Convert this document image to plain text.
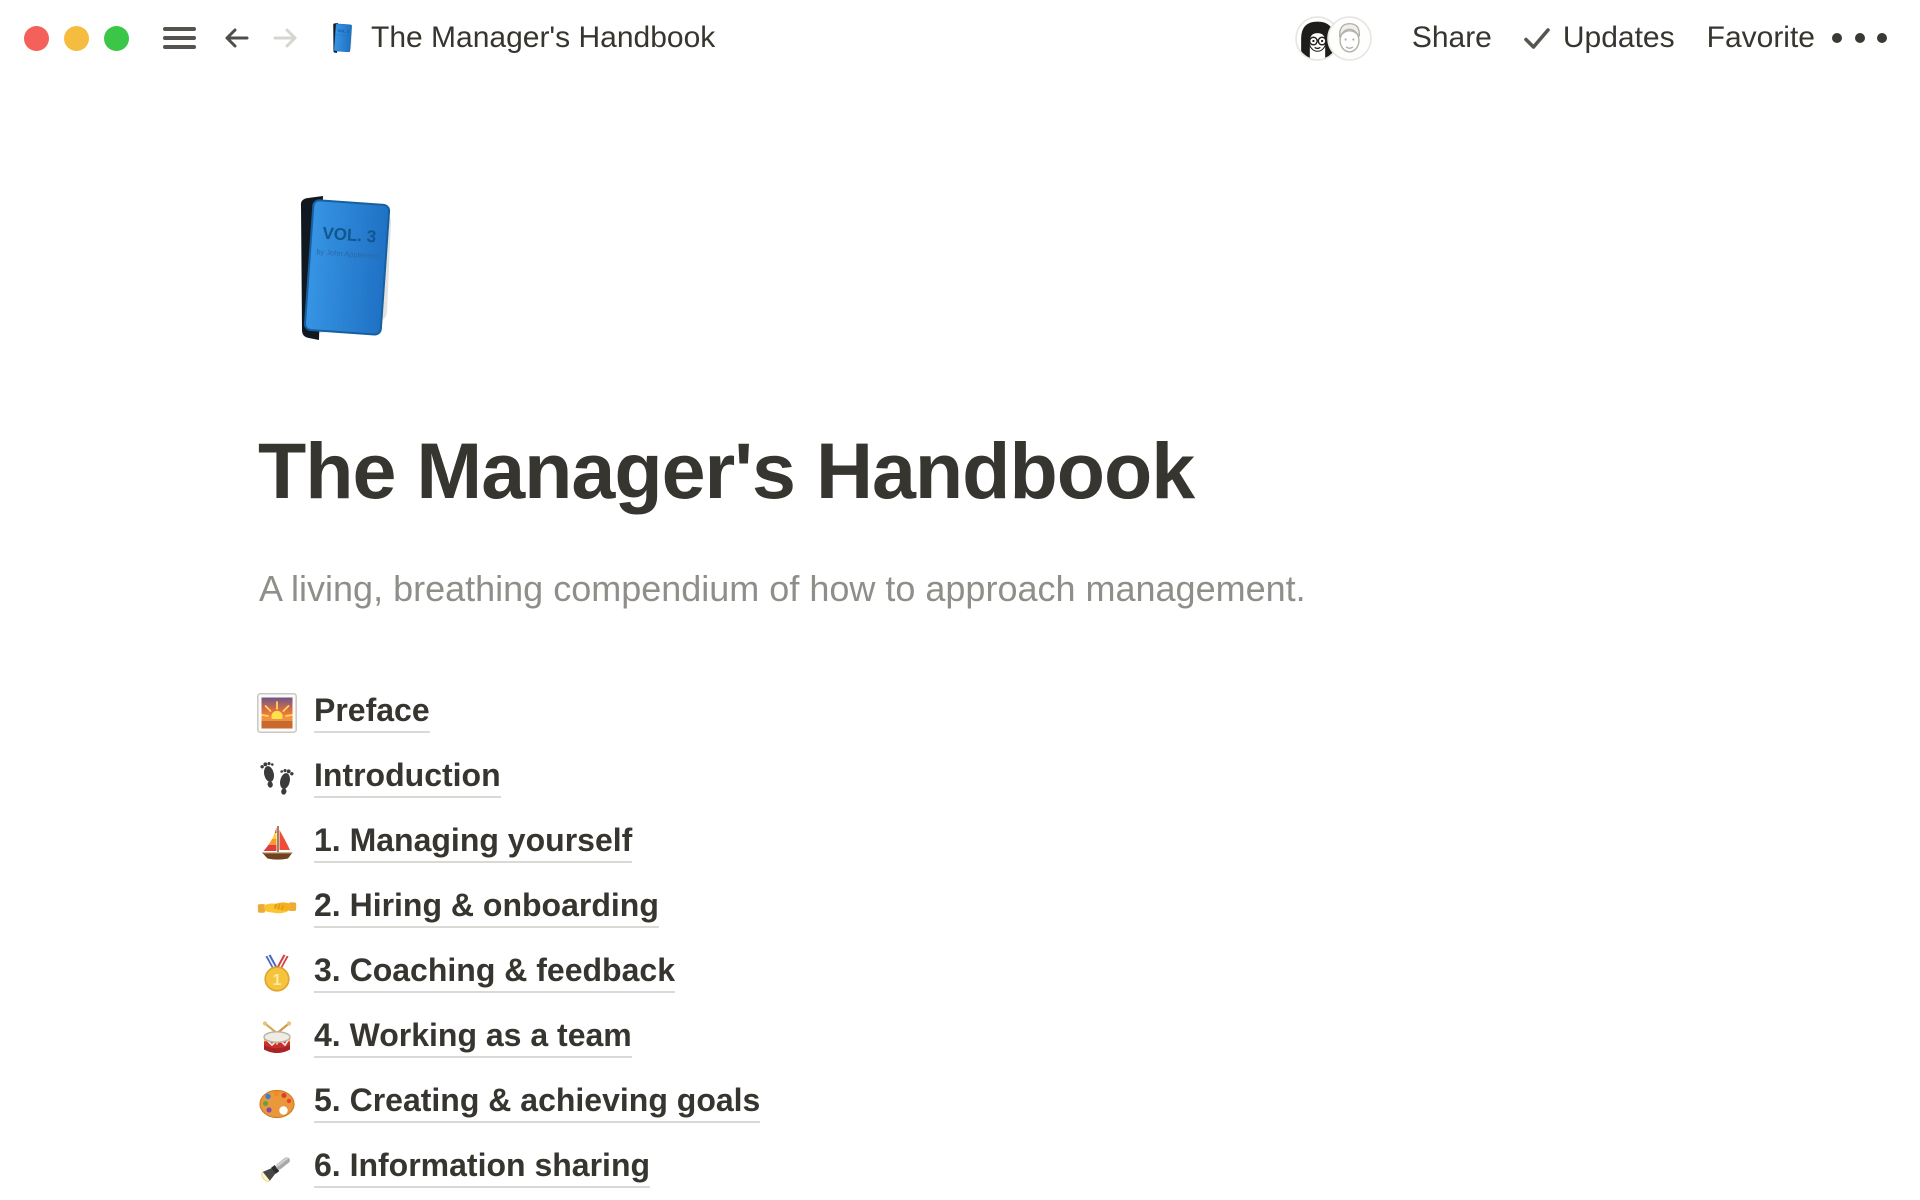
VOL. 3
by John Appleseed The Manager's Handbook	Share Updates Favorite
VOL. 3
by John Appleseed
The Manager's Handbook

A living, breathing compendium of how to approach management.

Preface
Introduction
1. Managing yourself
2. Hiring & onboarding
1 3. Coaching & feedback
4. Working as a team
5. Creating & achieving goals
6. Information sharing
